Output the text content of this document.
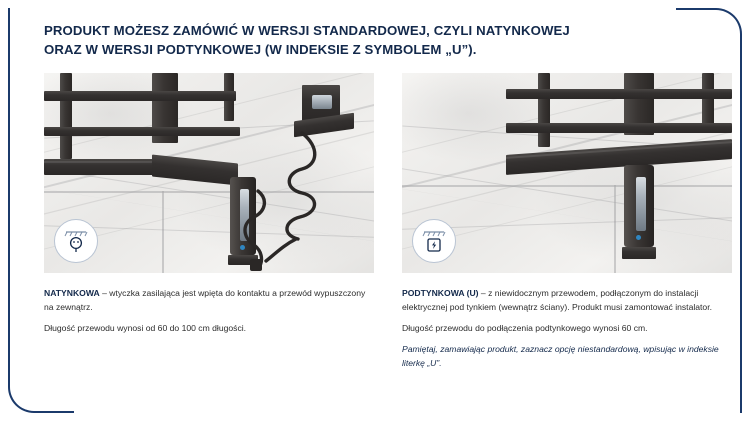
PRODUKT MOŻESZ ZAMÓWIĆ W WERSJI STANDARDOWEJ, CZYLI NATYNKOWEJ
ORAZ W WERSJI PODTYNKOWEJ (W INDEKSIE Z SYMBOLEM „U”).

NATYNKOWA – wtyczka zasilająca jest wpięta do kontaktu a przewód wypuszczony na zewnątrz.

Długość przewodu wynosi od 60 do 100 cm długości.

PODTYNKOWA (U) – z niewidocznym przewodem, podłączonym do instalacji elektrycznej pod tynkiem (wewnątrz ściany). Produkt musi zamontować instalator.

Długość przewodu do podłączenia podtynkowego wynosi 60 cm.

Pamiętaj, zamawiając produkt, zaznacz opcję niestandardową, wpisując w indeksie literkę „U”.
